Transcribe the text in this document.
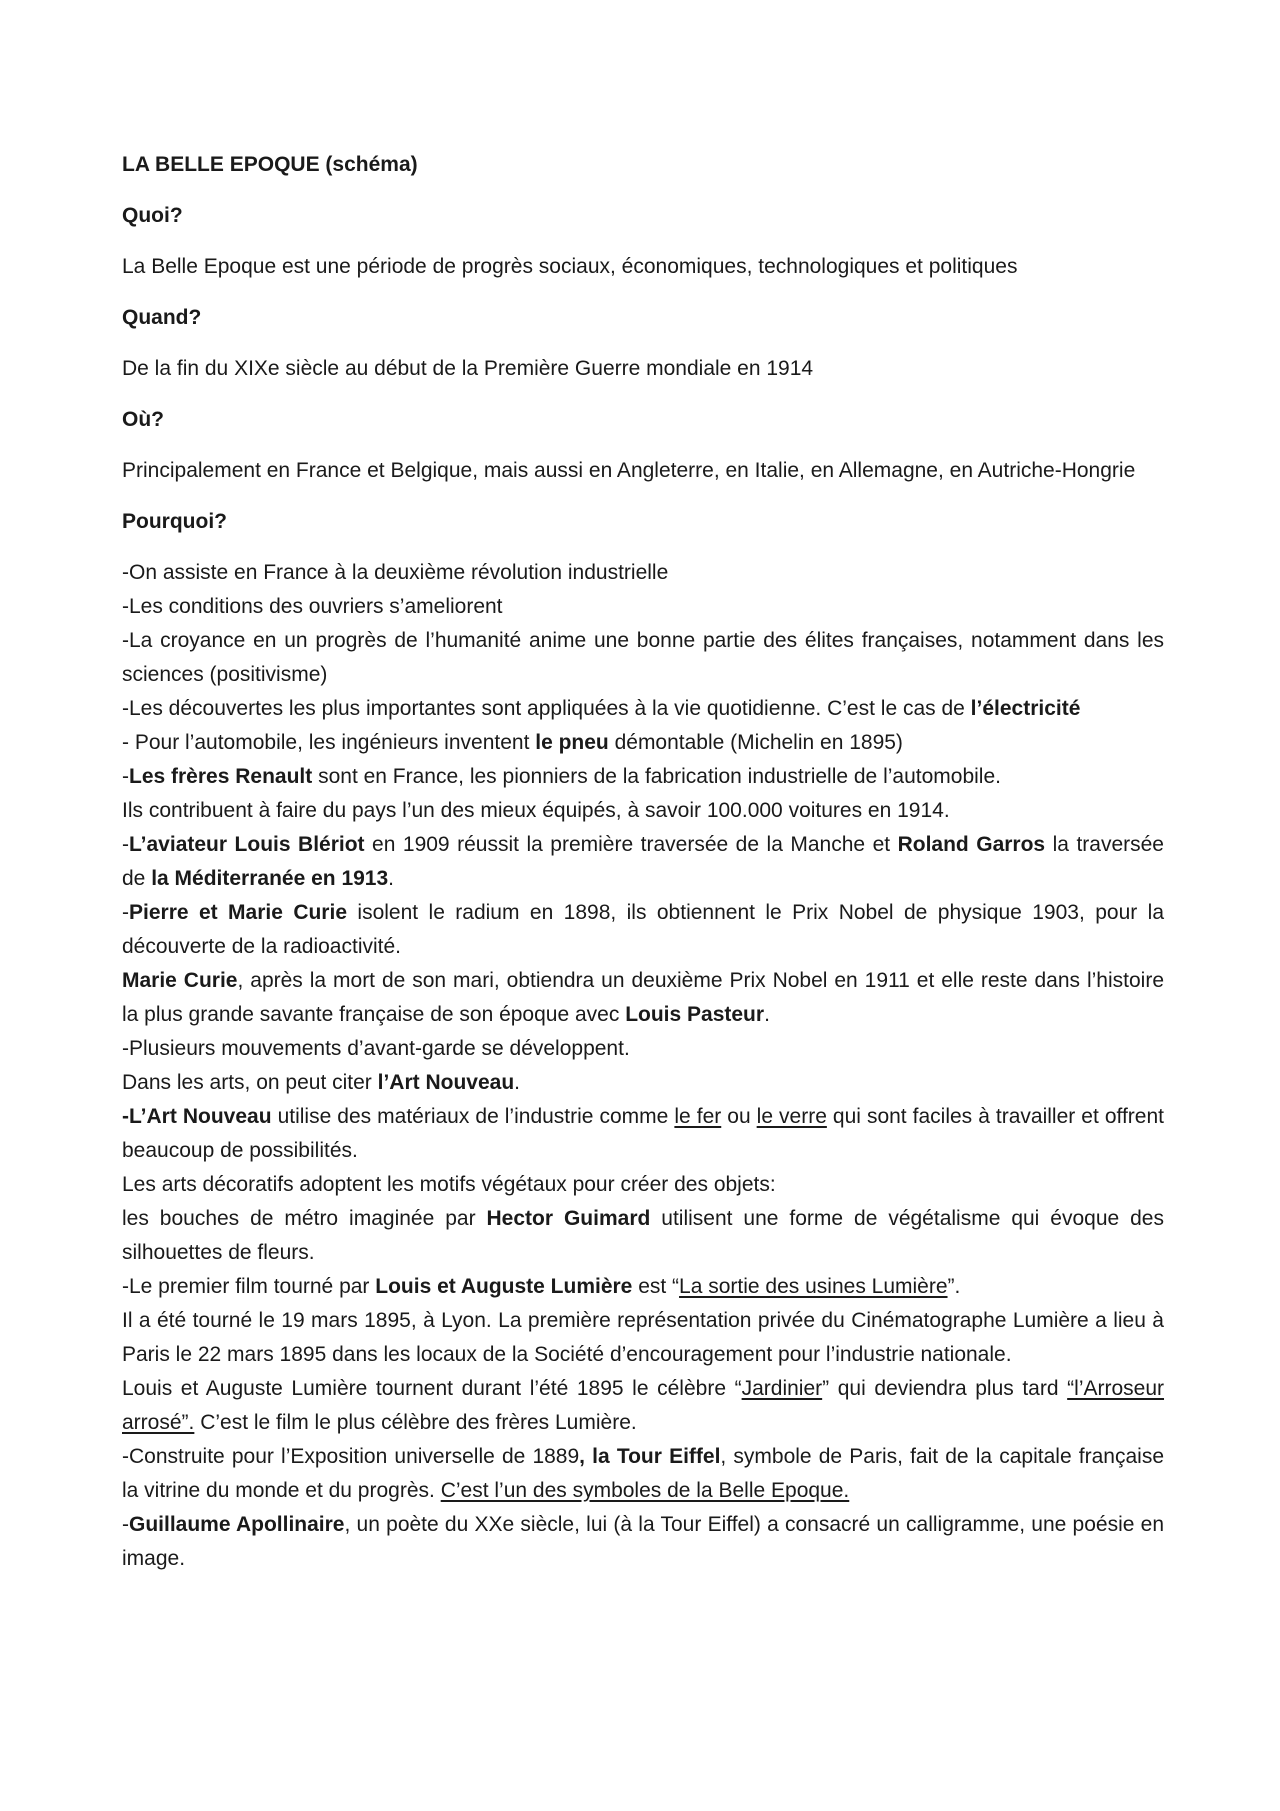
LA BELLE EPOQUE (schéma)

Quoi?

La Belle Epoque est une période de progrès sociaux, économiques, technologiques et politiques

Quand?

De la fin du XIXe siècle au début de la Première Guerre mondiale en 1914

Où?

Principalement en France et Belgique, mais aussi en Angleterre, en Italie, en Allemagne, en Autriche-Hongrie

Pourquoi?

-On assiste en France à la deuxième révolution industrielle

-Les conditions des ouvriers s’ameliorent

-La croyance en un progrès de l’humanité anime une bonne partie des élites françaises, notamment dans les sciences (positivisme)

-Les découvertes les plus importantes sont appliquées à la vie quotidienne. C’est le cas de l’électricité

- Pour l’automobile, les ingénieurs inventent le pneu démontable (Michelin en 1895)

-Les frères Renault sont en France, les pionniers de la fabrication industrielle de l’automobile.

Ils contribuent à faire du pays l’un des mieux équipés, à savoir 100.000 voitures en 1914.

-L’aviateur Louis Blériot en 1909 réussit la première traversée de la Manche et Roland Garros la traversée de la Méditerranée en 1913.

-Pierre et Marie Curie isolent le radium en 1898, ils obtiennent le Prix Nobel de physique 1903, pour la découverte de la radioactivité.

Marie Curie, après la mort de son mari, obtiendra un deuxième Prix Nobel en 1911 et elle reste dans l’histoire la plus grande savante française de son époque avec Louis Pasteur.

-Plusieurs mouvements d’avant-garde se développent.

Dans les arts, on peut citer l’Art Nouveau.

-L’Art Nouveau utilise des matériaux de l’industrie comme le fer ou le verre qui sont faciles à travailler et offrent beaucoup de possibilités.

Les arts décoratifs adoptent les motifs végétaux pour créer des objets:

les bouches de métro imaginée par Hector Guimard utilisent une forme de végétalisme qui évoque des silhouettes de fleurs.

-Le premier film tourné par Louis et Auguste Lumière est “La sortie des usines Lumière”.

Il a été tourné le 19 mars 1895, à Lyon. La première représentation privée du Cinématographe Lumière a lieu à Paris le 22 mars 1895 dans les locaux de la Société d’encouragement pour l’industrie nationale.

Louis et Auguste Lumière tournent durant l’été 1895 le célèbre “Jardinier” qui deviendra plus tard “l’Arroseur arrosé”. C’est le film le plus célèbre des frères Lumière.

-Construite pour l’Exposition universelle de 1889, la Tour Eiffel, symbole de Paris, fait de la capitale française la vitrine du monde et du progrès. C’est l’un des symboles de la Belle Epoque.

-Guillaume Apollinaire, un poète du XXe siècle, lui (à la Tour Eiffel) a consacré un calligramme, une poésie en image.
